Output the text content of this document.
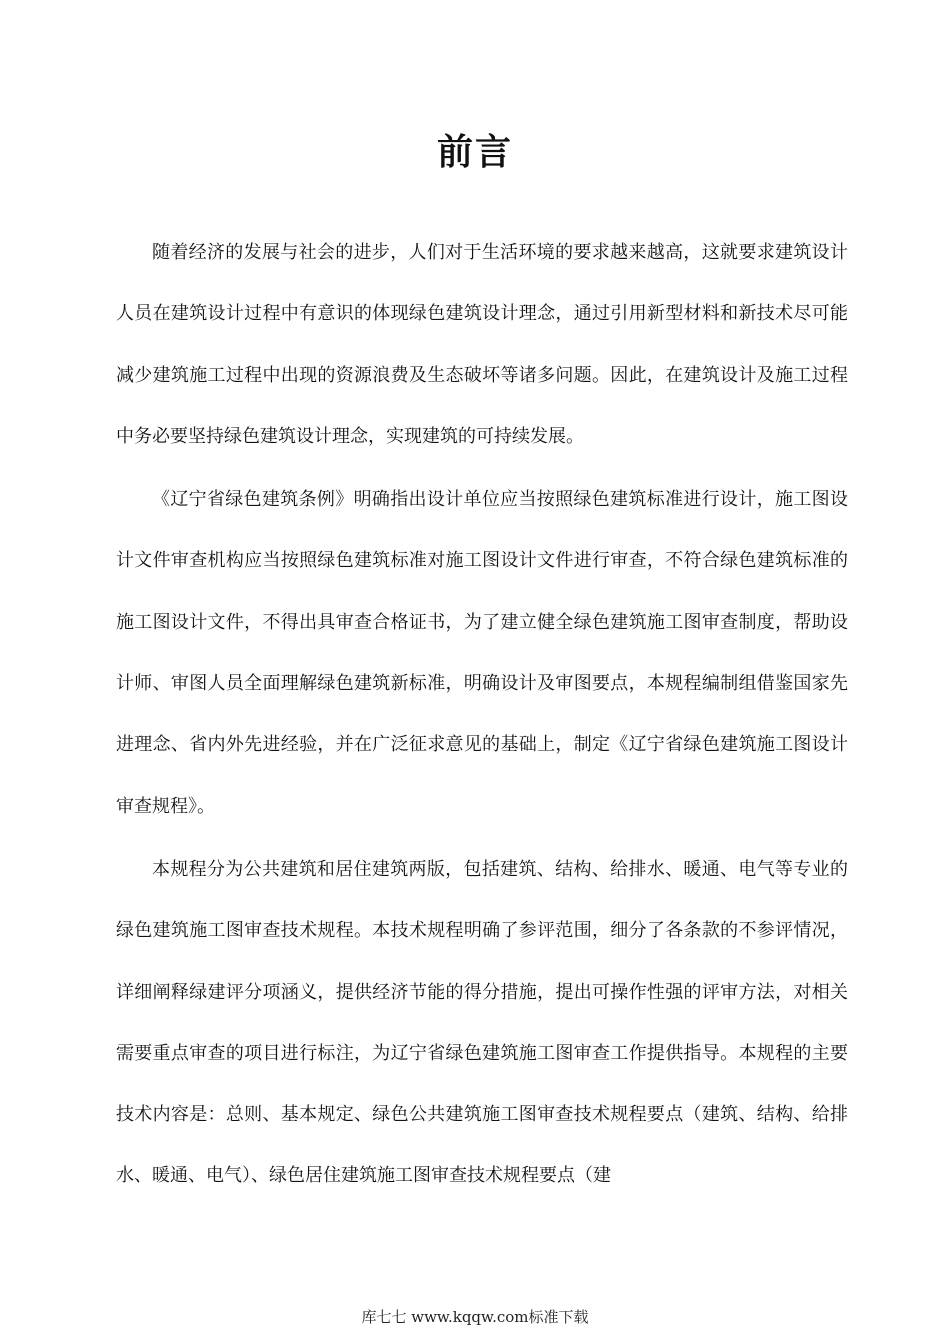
前言

随着经济的发展与社会的进步，人们对于生活环境的要求越来越高，这就要求建筑设计人员在建筑设计过程中有意识的体现绿色建筑设计理念，通过引用新型材料和新技术尽可能减少建筑施工过程中出现的资源浪费及生态破坏等诸多问题。因此，在建筑设计及施工过程中务必要坚持绿色建筑设计理念，实现建筑的可持续发展。

《辽宁省绿色建筑条例》明确指出设计单位应当按照绿色建筑标准进行设计，施工图设计文件审查机构应当按照绿色建筑标准对施工图设计文件进行审查，不符合绿色建筑标准的施工图设计文件，不得出具审查合格证书，为了建立健全绿色建筑施工图审查制度，帮助设计师、审图人员全面理解绿色建筑新标准，明确设计及审图要点，本规程编制组借鉴国家先进理念、省内外先进经验，并在广泛征求意见的基础上，制定《辽宁省绿色建筑施工图设计审查规程》。

本规程分为公共建筑和居住建筑两版，包括建筑、结构、给排水、暖通、电气等专业的绿色建筑施工图审查技术规程。本技术规程明确了参评范围，细分了各条款的不参评情况，详细阐释绿建评分项涵义，提供经济节能的得分措施，提出可操作性强的评审方法，对相关需要重点审查的项目进行标注，为辽宁省绿色建筑施工图审查工作提供指导。本规程的主要技术内容是：总则、基本规定、绿色公共建筑施工图审查技术规程要点（建筑、结构、给排水、暖通、电气）、绿色居住建筑施工图审查技术规程要点（建

库七七 www.kqqw.com标准下载
